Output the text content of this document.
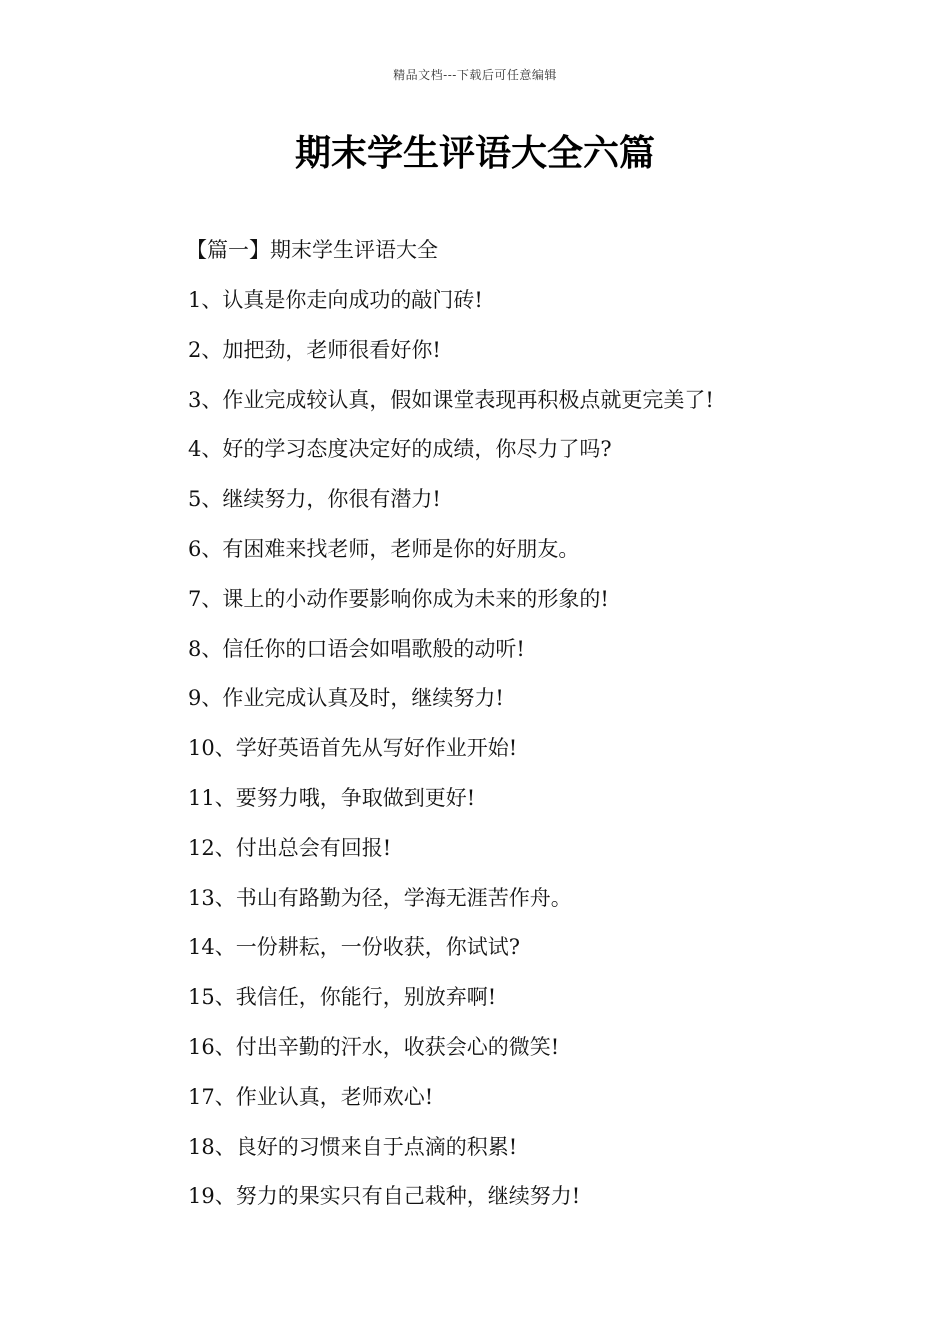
精品文档---下载后可任意编辑
期末学生评语大全六篇
【篇一】期末学生评语大全
1、认真是你走向成功的敲门砖!
2、加把劲，老师很看好你!
3、作业完成较认真，假如课堂表现再积极点就更完美了!
4、好的学习态度决定好的成绩，你尽力了吗?
5、继续努力，你很有潜力!
6、有困难来找老师，老师是你的好朋友。
7、课上的小动作要影响你成为未来的形象的!
8、信任你的口语会如唱歌般的动听!
9、作业完成认真及时，继续努力!
10、学好英语首先从写好作业开始!
11、要努力哦，争取做到更好!
12、付出总会有回报!
13、书山有路勤为径，学海无涯苦作舟。
14、一份耕耘，一份收获，你试试?
15、我信任，你能行，别放弃啊!
16、付出辛勤的汗水，收获会心的微笑!
17、作业认真，老师欢心!
18、良好的习惯来自于点滴的积累!
19、努力的果实只有自己栽种，继续努力!
